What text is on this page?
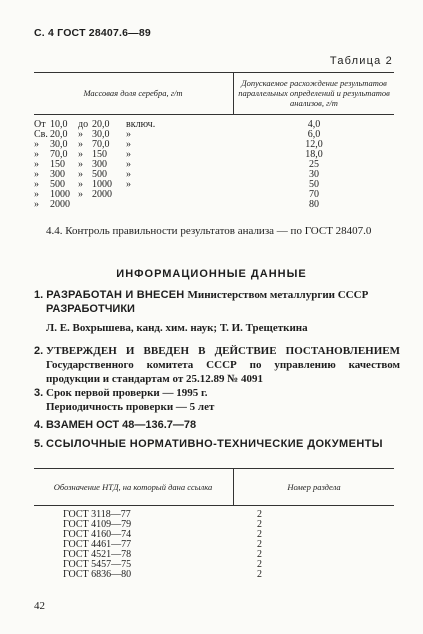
С. 4 ГОСТ 28407.6—89
Таблица 2
Массовая доля серебра, г/т
Допускаемое расхождение результатов параллельных определений и результатов анализов, г/т
От 10,0 до 20,0 включ.
Св. 20,0 » 30,0 »
» 30,0 » 70,0 »
» 70,0 » 150 »
» 150 » 300 »
» 300 » 500 »
» 500 » 1000 »
» 1000 » 2000
» 2000
4,0
6,0
12,0
18,0
25
30
50
70
80
4.4. Контроль правильности результатов анализа — по ГОСТ 28407.0
ИНФОРМАЦИОННЫЕ ДАННЫЕ
1. РАЗРАБОТАН И ВНЕСЕН Министерством металлургии СССР
РАЗРАБОТЧИКИ
Л. Е. Вохрышева, канд. хим. наук; Т. И. Трещеткина
2. УТВЕРЖДЕН И ВВЕДЕН В ДЕЙСТВИЕ ПОСТАНОВЛЕНИЕМ Государственного комитета СССР по управлению качеством продукции и стандартам от 25.12.89 № 4091
3. Срок первой проверки — 1995 г.
Периодичность проверки — 5 лет
4. ВЗАМЕН ОСТ 48—136.7—78
5. ССЫЛОЧНЫЕ НОРМАТИВНО-ТЕХНИЧЕСКИЕ ДОКУМЕНТЫ
Обозначение НТД, на который дана ссылка	Номер раздела
ГОСТ 3118—77
ГОСТ 4109—79
ГОСТ 4160—74
ГОСТ 4461—77
ГОСТ 4521—78
ГОСТ 5457—75
ГОСТ 6836—80
2
2
2
2
2
2
2
42
